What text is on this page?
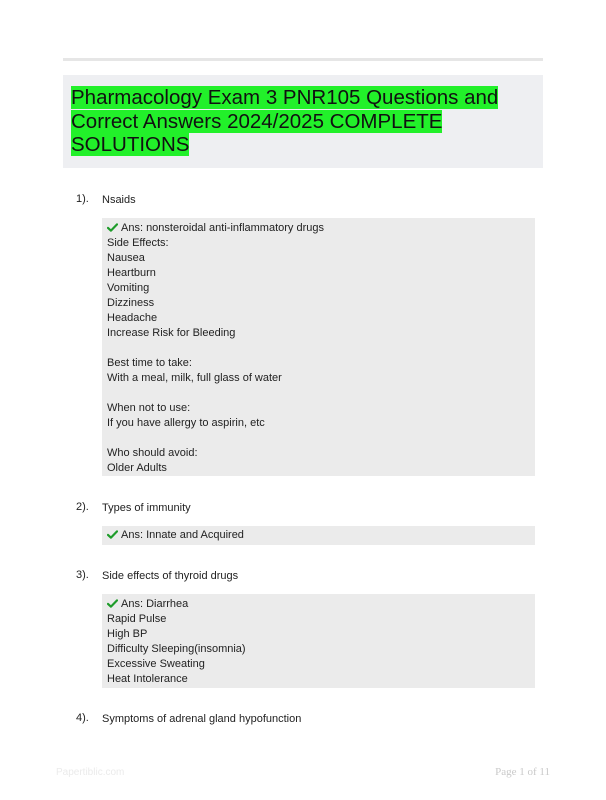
Pharmacology Exam 3 PNR105 Questions and Correct Answers 2024/2025 COMPLETE SOLUTIONS
1). Nsaids
Ans: nonsteroidal anti-inflammatory drugs
Side Effects:
Nausea
Heartburn
Vomiting
Dizziness
Headache
Increase Risk for Bleeding
Best time to take:
With a meal, milk, full glass of water
When not to use:
If you have allergy to aspirin, etc
Who should avoid:
Older Adults
2). Types of immunity
Ans: Innate and Acquired
3). Side effects of thyroid drugs
Ans: Diarrhea
Rapid Pulse
High BP
Difficulty Sleeping(insomnia)
Excessive Sweating
Heat Intolerance
4). Symptoms of adrenal gland hypofunction
Papertiblic.com	Page 1 of 11
